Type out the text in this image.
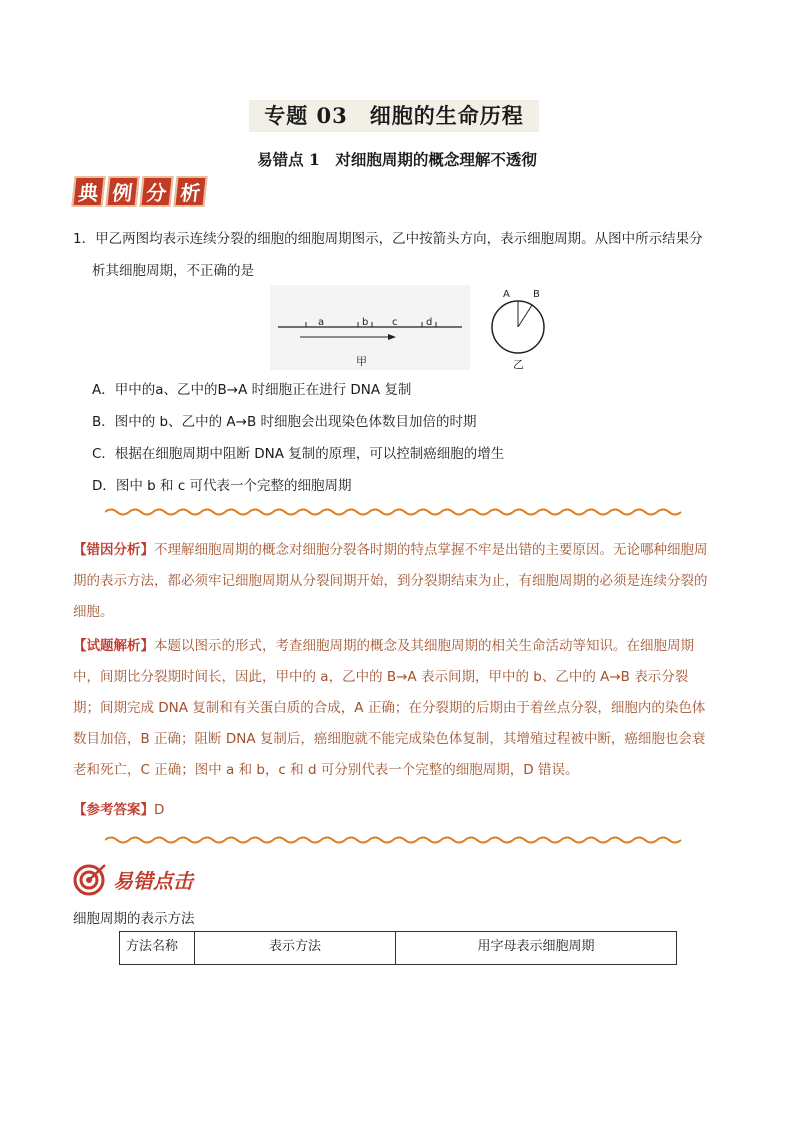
专题 03　细胞的生命历程
易错点 1　对细胞周期的概念理解不透彻
典 例 分 析
1．甲乙两图均表示连续分裂的细胞的细胞周期图示，乙中按箭头方向，表示细胞周期。从图中所示结果分
析其细胞周期，不正确的是
a	b c	d
甲
A B
乙
A．甲中的a、乙中的B→A 时细胞正在进行 DNA 复制
B．图中的 b、乙中的 A→B 时细胞会出现染色体数目加倍的时期
C．根据在细胞周期中阻断 DNA 复制的原理，可以控制癌细胞的增生
D．图中 b 和 c 可代表一个完整的细胞周期
【错因分析】不理解细胞周期的概念对细胞分裂各时期的特点掌握不牢是出错的主要原因。无论哪种细胞周期的表示方法，都必须牢记细胞周期从分裂间期开始，到分裂期结束为止，有细胞周期的必须是连续分裂的细胞。
【试题解析】本题以图示的形式，考查细胞周期的概念及其细胞周期的相关生命活动等知识。在细胞周期中，间期比分裂期时间长，因此，甲中的 a，乙中的 B→A 表示间期，甲中的 b、乙中的 A→B 表示分裂期；间期完成 DNA 复制和有关蛋白质的合成，A 正确；在分裂期的后期由于着丝点分裂，细胞内的染色体数目加倍，B 正确；阻断 DNA 复制后，癌细胞就不能完成染色体复制，其增殖过程被中断，癌细胞也会衰老和死亡，C 正确；图中 a 和 b，c 和 d 可分别代表一个完整的细胞周期，D 错误。
【参考答案】D
易错点击
细胞周期的表示方法
方法名称	表示方法	用字母表示细胞周期
